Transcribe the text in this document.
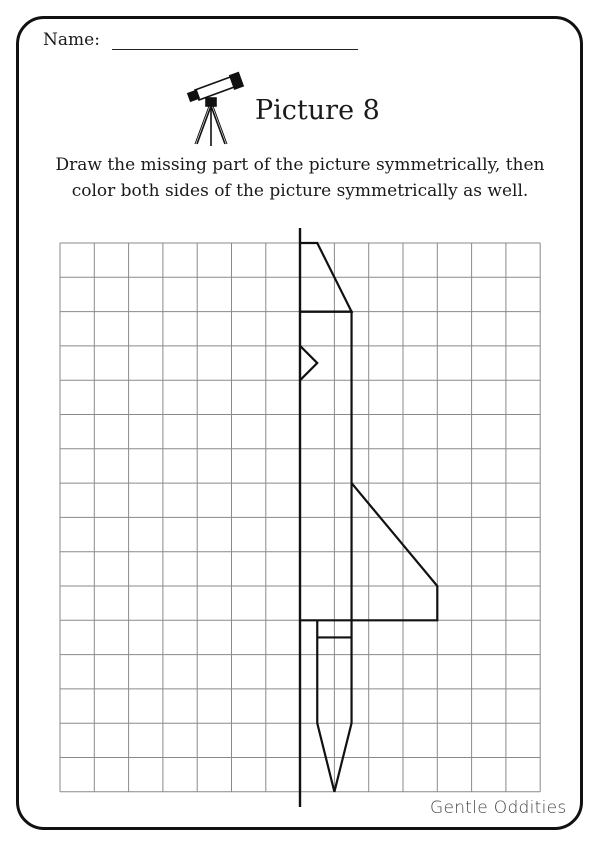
Name:
Picture 8
Draw the missing part of the picture symmetrically, then
color both sides of the picture symmetrically as well.
Gentle Oddities
